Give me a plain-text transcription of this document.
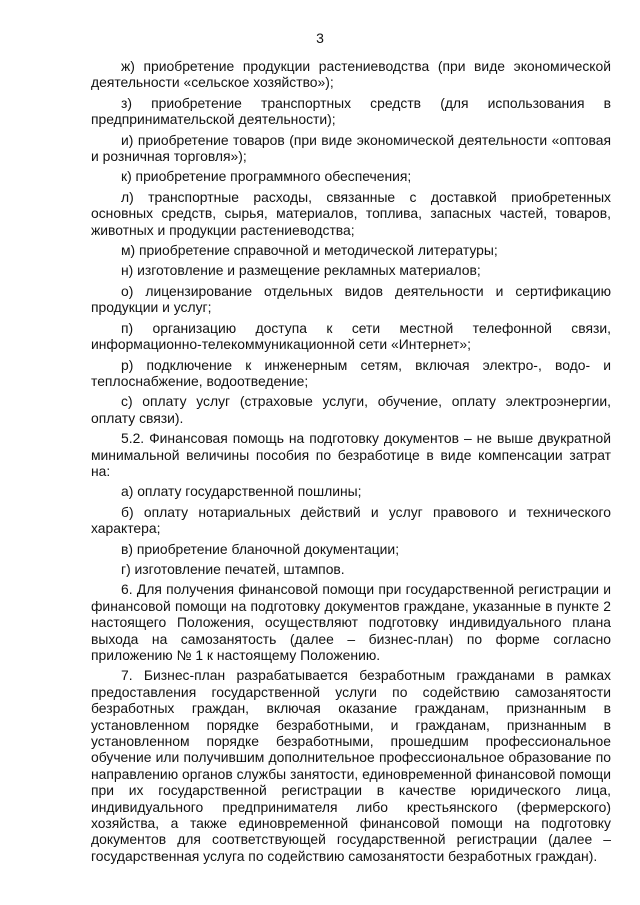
3

ж) приобретение продукции растениеводства (при виде экономической деятельности «сельское хозяйство»);

з) приобретение транспортных средств (для использования в предпринимательской деятельности);

и) приобретение товаров (при виде экономической деятельности «оптовая и розничная торговля»);

к) приобретение программного обеспечения;

л) транспортные расходы, связанные с доставкой приобретенных основных средств, сырья, материалов, топлива, запасных частей, товаров, животных и продукции растениеводства;

м) приобретение справочной и методической литературы;

н) изготовление и размещение рекламных материалов;

о) лицензирование отдельных видов деятельности и сертификацию продукции и услуг;

п) организацию доступа к сети местной телефонной связи, информационно-телекоммуникационной сети «Интернет»;

р) подключение к инженерным сетям, включая электро-, водо- и теплоснабжение, водоотведение;

с) оплату услуг (страховые услуги, обучение, оплату электроэнергии, оплату связи).

5.2. Финансовая помощь на подготовку документов – не выше двукратной минимальной величины пособия по безработице в виде компенсации затрат на:

а) оплату государственной пошлины;

б) оплату нотариальных действий и услуг правового и технического характера;

в) приобретение бланочной документации;

г) изготовление печатей, штампов.

6. Для получения финансовой помощи при государственной регистрации и финансовой помощи на подготовку документов граждане, указанные в пункте 2 настоящего Положения, осуществляют подготовку индивидуального плана выхода на самозанятость (далее – бизнес-план) по форме согласно приложению № 1 к настоящему Положению.

7. Бизнес-план разрабатывается безработным гражданами в рамках предоставления государственной услуги по содействию самозанятости безработных граждан, включая оказание гражданам, признанным в установленном порядке безработными, и гражданам, признанным в установленном порядке безработными, прошедшим профессиональное обучение или получившим дополнительное профессиональное образование по направлению органов службы занятости, единовременной финансовой помощи при их государственной регистрации в качестве юридического лица, индивидуального предпринимателя либо крестьянского (фермерского) хозяйства, а также единовременной финансовой помощи на подготовку документов для соответствующей государственной регистрации (далее – государственная услуга по содействию самозанятости безработных граждан).
